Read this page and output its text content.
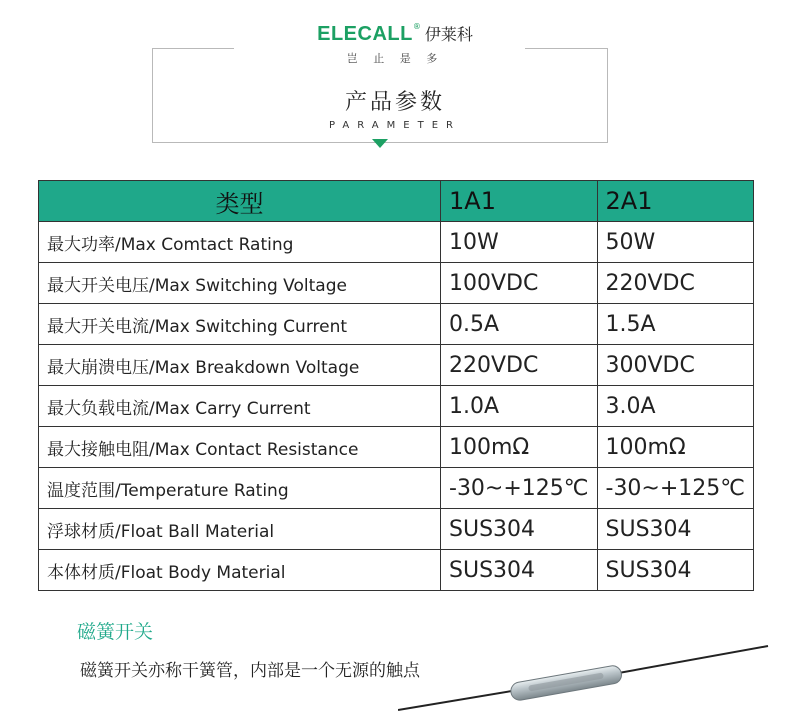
ELECALL® 伊莱科
岂 止 是 多
产品参数
PARAMETER
类型	1A1	2A1
最大功率/Max Comtact Rating	10W	50W
最大开关电压/Max Switching Voltage	100VDC	220VDC
最大开关电流/Max Switching Current	0.5A	1.5A
最大崩溃电压/Max Breakdown Voltage	220VDC	300VDC
最大负载电流/Max Carry Current	1.0A	3.0A
最大接触电阻/Max Contact Resistance	100mΩ	100mΩ
温度范围/Temperature Rating	-30~+125℃	-30~+125℃
浮球材质/Float Ball Material	SUS304	SUS304
本体材质/Float Body Material	SUS304	SUS304
磁簧开关
磁簧开关亦称干簧管，内部是一个无源的触点
